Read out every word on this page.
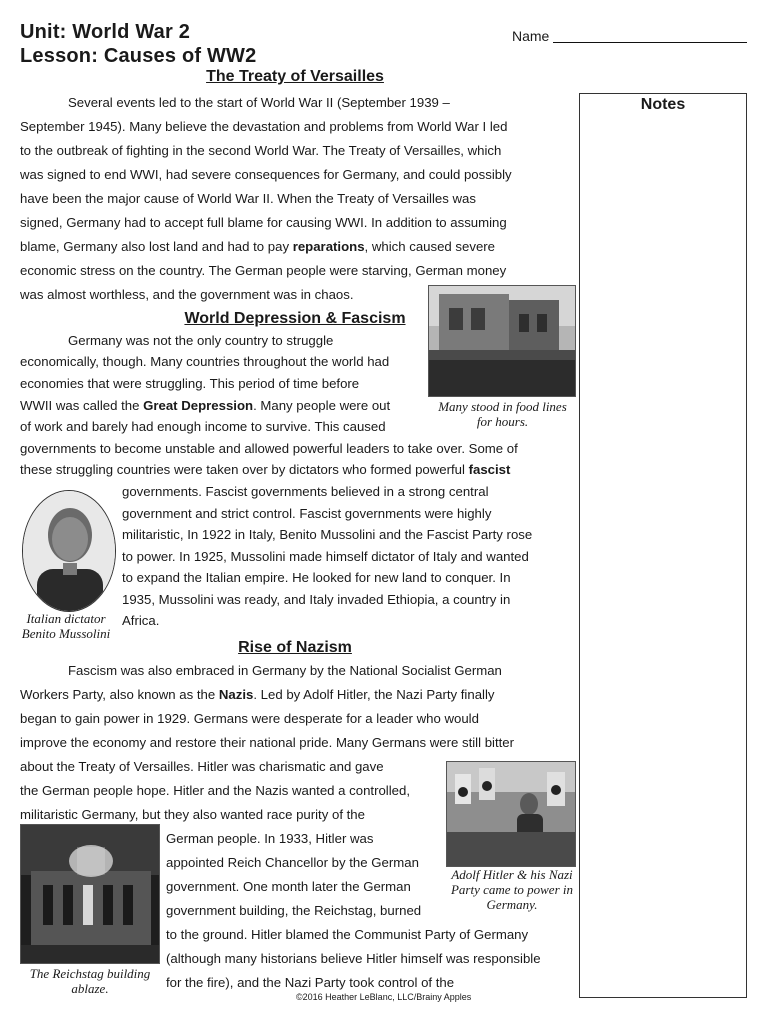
Unit: World War 2
Lesson: Causes of WW2
Name
Notes
The Treaty of Versailles
Several events led to the start of World War II (September 1939 –
September 1945). Many believe the devastation and problems from World War I led
to the outbreak of fighting in the second World War. The Treaty of Versailles, which
was signed to end WWI, had severe consequences for Germany, and could possibly
have been the major cause of World War II. When the Treaty of Versailles was
signed, Germany had to accept full blame for causing WWI. In addition to assuming
blame, Germany also lost land and had to pay reparations, which caused severe
economic stress on the country. The German people were starving, German money
was almost worthless, and the government was in chaos.
Many stood in food lines for hours.
World Depression & Fascism
Germany was not the only country to struggle
economically, though. Many countries throughout the world had
economies that were struggling. This period of time before
WWII was called the Great Depression. Many people were out
of work and barely had enough income to survive. This caused
governments to become unstable and allowed powerful leaders to take over. Some of
these struggling countries were taken over by dictators who formed powerful fascist
governments. Fascist governments believed in a strong central
government and strict control. Fascist governments were highly
militaristic, In 1922 in Italy, Benito Mussolini and the Fascist Party rose
to power. In 1925, Mussolini made himself dictator of Italy and wanted
to expand the Italian empire. He looked for new land to conquer. In
1935, Mussolini was ready, and Italy invaded Ethiopia, a country in
Africa.
Italian dictator Benito Mussolini
Rise of Nazism
Fascism was also embraced in Germany by the National Socialist German
Workers Party, also known as the Nazis. Led by Adolf Hitler, the Nazi Party finally
began to gain power in 1929. Germans were desperate for a leader who would
improve the economy and restore their national pride. Many Germans were still bitter
about the Treaty of Versailles. Hitler was charismatic and gave
the German people hope. Hitler and the Nazis wanted a controlled,
militaristic Germany, but they also wanted race purity of the
German people. In 1933, Hitler was
appointed Reich Chancellor by the German
government. One month later the German
government building, the Reichstag, burned
to the ground. Hitler blamed the Communist Party of Germany
(although many historians believe Hitler himself was responsible
for the fire), and the Nazi Party took control of the
Adolf Hitler & his Nazi Party came to power in Germany.
The Reichstag building ablaze.
©2016 Heather LeBlanc, LLC/Brainy Apples
